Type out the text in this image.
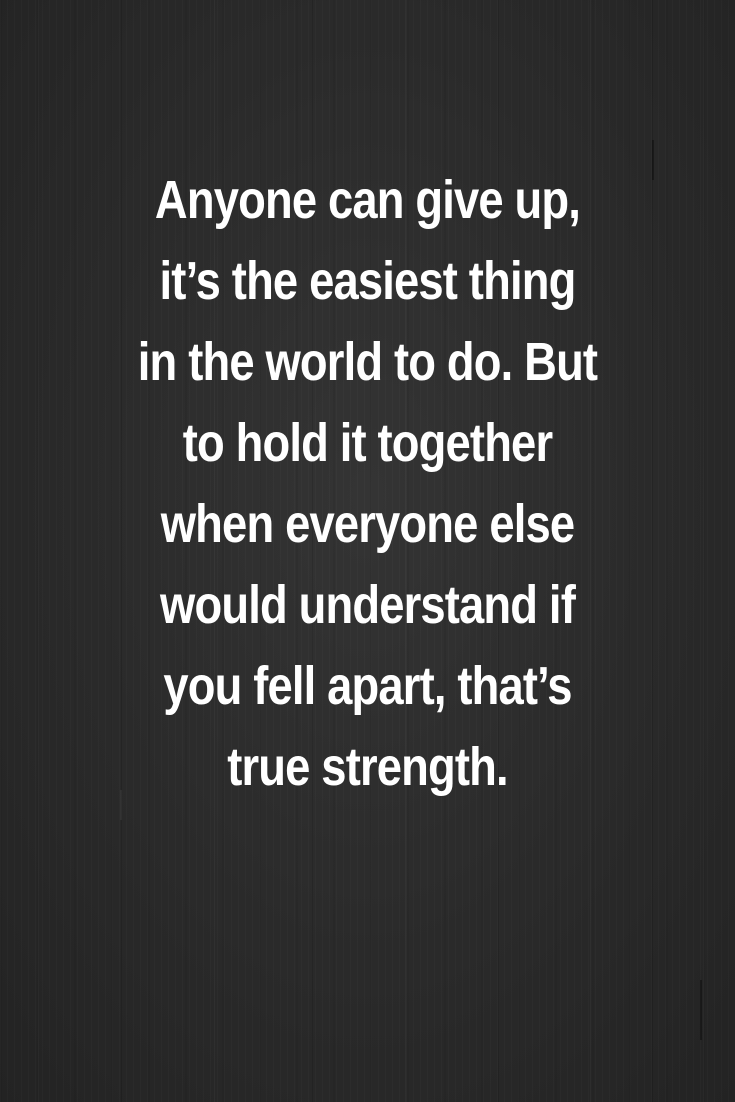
Anyone can give up,
it’s the easiest thing
in the world to do. But
to hold it together
when everyone else
would understand if
you fell apart, that’s
true strength.
